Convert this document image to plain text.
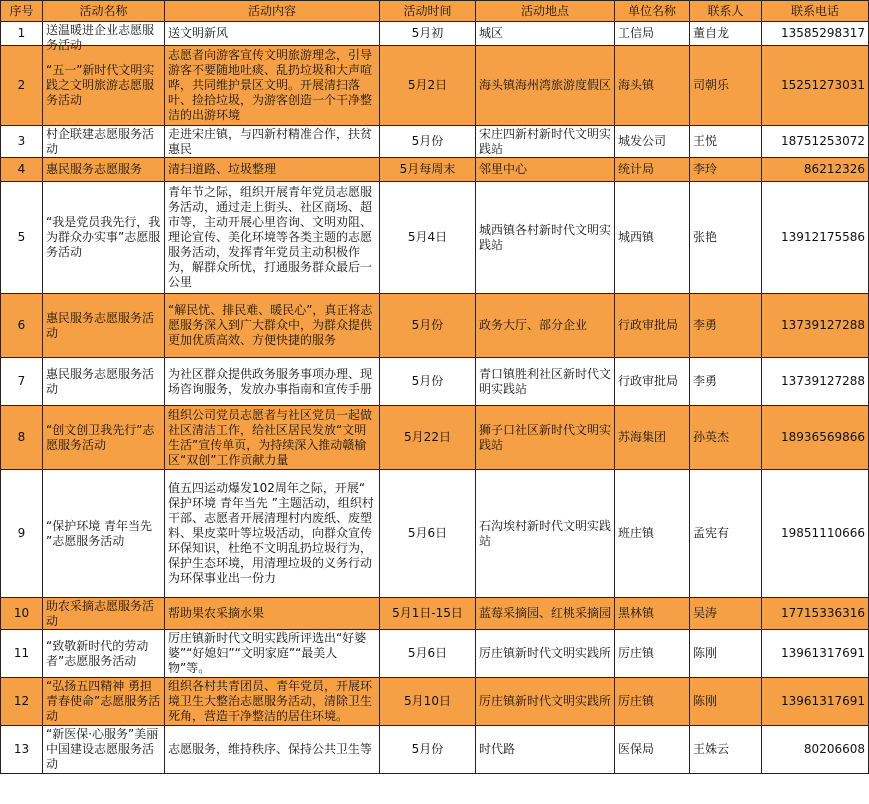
序号	活动名称	活动内容	活动时间	活动地点	单位名称	联系人	联系电话

1	送温暖进企业志愿服务活动	送文明新风	5月初	城区	工信局	董自龙	13585298317

2	“五一”新时代文明实践之文明旅游志愿服务活动	志愿者向游客宣传文明旅游理念，引导游客不要随地吐痰、乱扔垃圾和大声喧哗，共同维护景区文明。开展清扫落叶、捡拾垃圾，为游客创造一个干净整洁的出游环境	5月2日	海头镇海州湾旅游度假区	海头镇	司朝乐	15251273031

3	村企联建志愿服务活动	走进宋庄镇，与四新村精准合作，扶贫惠民	5月份	宋庄四新村新时代文明实践站	城发公司	王悦	18751253072

4	惠民服务志愿服务	清扫道路、垃圾整理	5月每周末	邻里中心	统计局	李玲	86212326

5	“我是党员我先行，我为群众办实事”志愿服务活动	青年节之际，组织开展青年党员志愿服务活动，通过走上街头、社区商场、超市等，主动开展心里咨询、文明劝阻、理论宣传、美化环境等各类主题的志愿服务活动，发挥青年党员主动积极作为，解群众所忧，打通服务群众最后一公里	5月4日	城西镇各村新时代文明实践站	城西镇	张艳	13912175586

6	惠民服务志愿服务活动	“解民忧、排民难、暖民心”，真正将志愿服务深入到广大群众中，为群众提供更加优质高效、方便快捷的服务	5月份	政务大厅、部分企业	行政审批局	李勇	13739127288

7	惠民服务志愿服务活动	为社区群众提供政务服务事项办理、现场咨询服务，发放办事指南和宣传手册	5月份	青口镇胜利社区新时代文明实践站	行政审批局	李勇	13739127288

8	“创文创卫我先行”志愿服务活动	组织公司党员志愿者与社区党员一起做社区清洁工作，给社区居民发放“文明生活”宣传单页，为持续深入推动赣榆区“双创”工作贡献力量	5月22日	狮子口社区新时代文明实践站	苏海集团	孙英杰	18936569866

9	“保护环境 青年当先 ”志愿服务活动	值五四运动爆发102周年之际，开展“ 保护环境 青年当先 ”主题活动，组织村干部、志愿者开展清理村内废纸、废塑料、果皮菜叶等垃圾活动，向群众宣传环保知识，杜绝不文明乱扔垃圾行为，保护生态环境，用清理垃圾的义务行动为环保事业出一份力	5月6日	石沟埃村新时代文明实践站	班庄镇	孟宪有	19851110666

10	助农采摘志愿服务活动	帮助果农采摘水果	5月1日-15日	蓝莓采摘园、红桃采摘园	黑林镇	吴涛	17715336316

11	“致敬新时代的劳动者”志愿服务活动	厉庄镇新时代文明实践所评选出“好婆婆”“好媳妇”“文明家庭”“最美人物”等。	5月6日	厉庄镇新时代文明实践所	厉庄镇	陈刚	13961317691

12	“弘扬五四精神 勇担青春使命”志愿服务活动	组织各村共青团员、青年党员，开展环境卫生大整治志愿服务活动，清除卫生死角，营造干净整洁的居住环境。	5月10日	厉庄镇新时代文明实践所	厉庄镇	陈刚	13961317691

13	“新医保·心服务”美丽中国建设志愿服务活动	志愿服务，维持秩序、保持公共卫生等	5月份	时代路	医保局	王姝云	80206608
